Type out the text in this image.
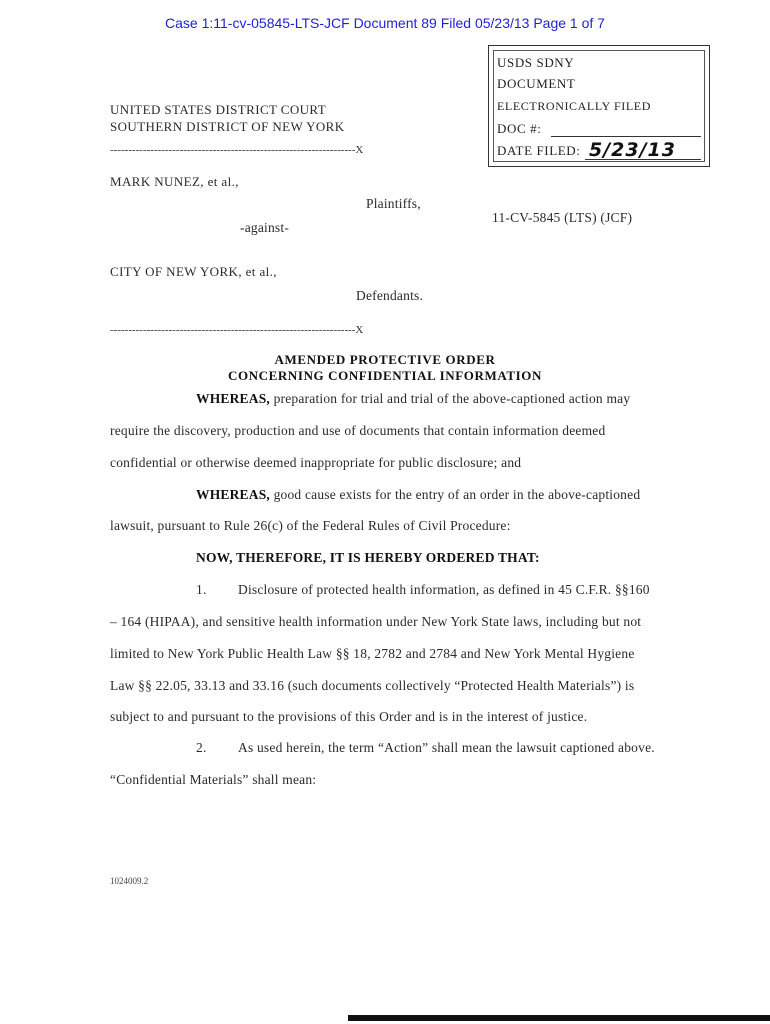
Case 1:11-cv-05845-LTS-JCF Document 89 Filed 05/23/13 Page 1 of 7
USDS SDNY
DOCUMENT
ELECTRONICALLY FILED
DOC #:
DATE FILED: 5/23/13
UNITED STATES DISTRICT COURT
SOUTHERN DISTRICT OF NEW YORK
-------------------------------------------------------------------X
MARK NUNEZ, et al.,
Plaintiffs,
11-CV-5845 (LTS) (JCF)
-against-
CITY OF NEW YORK, et al.,
Defendants.
-------------------------------------------------------------------X
AMENDED PROTECTIVE ORDER
CONCERNING CONFIDENTIAL INFORMATION
WHEREAS, preparation for trial and trial of the above-captioned action may
require the discovery, production and use of documents that contain information deemed
confidential or otherwise deemed inappropriate for public disclosure; and
WHEREAS, good cause exists for the entry of an order in the above-captioned
lawsuit, pursuant to Rule 26(c) of the Federal Rules of Civil Procedure:
NOW, THEREFORE, IT IS HEREBY ORDERED THAT:
1. Disclosure of protected health information, as defined in 45 C.F.R. §§160
– 164 (HIPAA), and sensitive health information under New York State laws, including but not
limited to New York Public Health Law §§ 18, 2782 and 2784 and New York Mental Hygiene
Law §§ 22.05, 33.13 and 33.16 (such documents collectively “Protected Health Materials”) is
subject to and pursuant to the provisions of this Order and is in the interest of justice.
2. As used herein, the term “Action” shall mean the lawsuit captioned above.
“Confidential Materials” shall mean:
1024009.2
